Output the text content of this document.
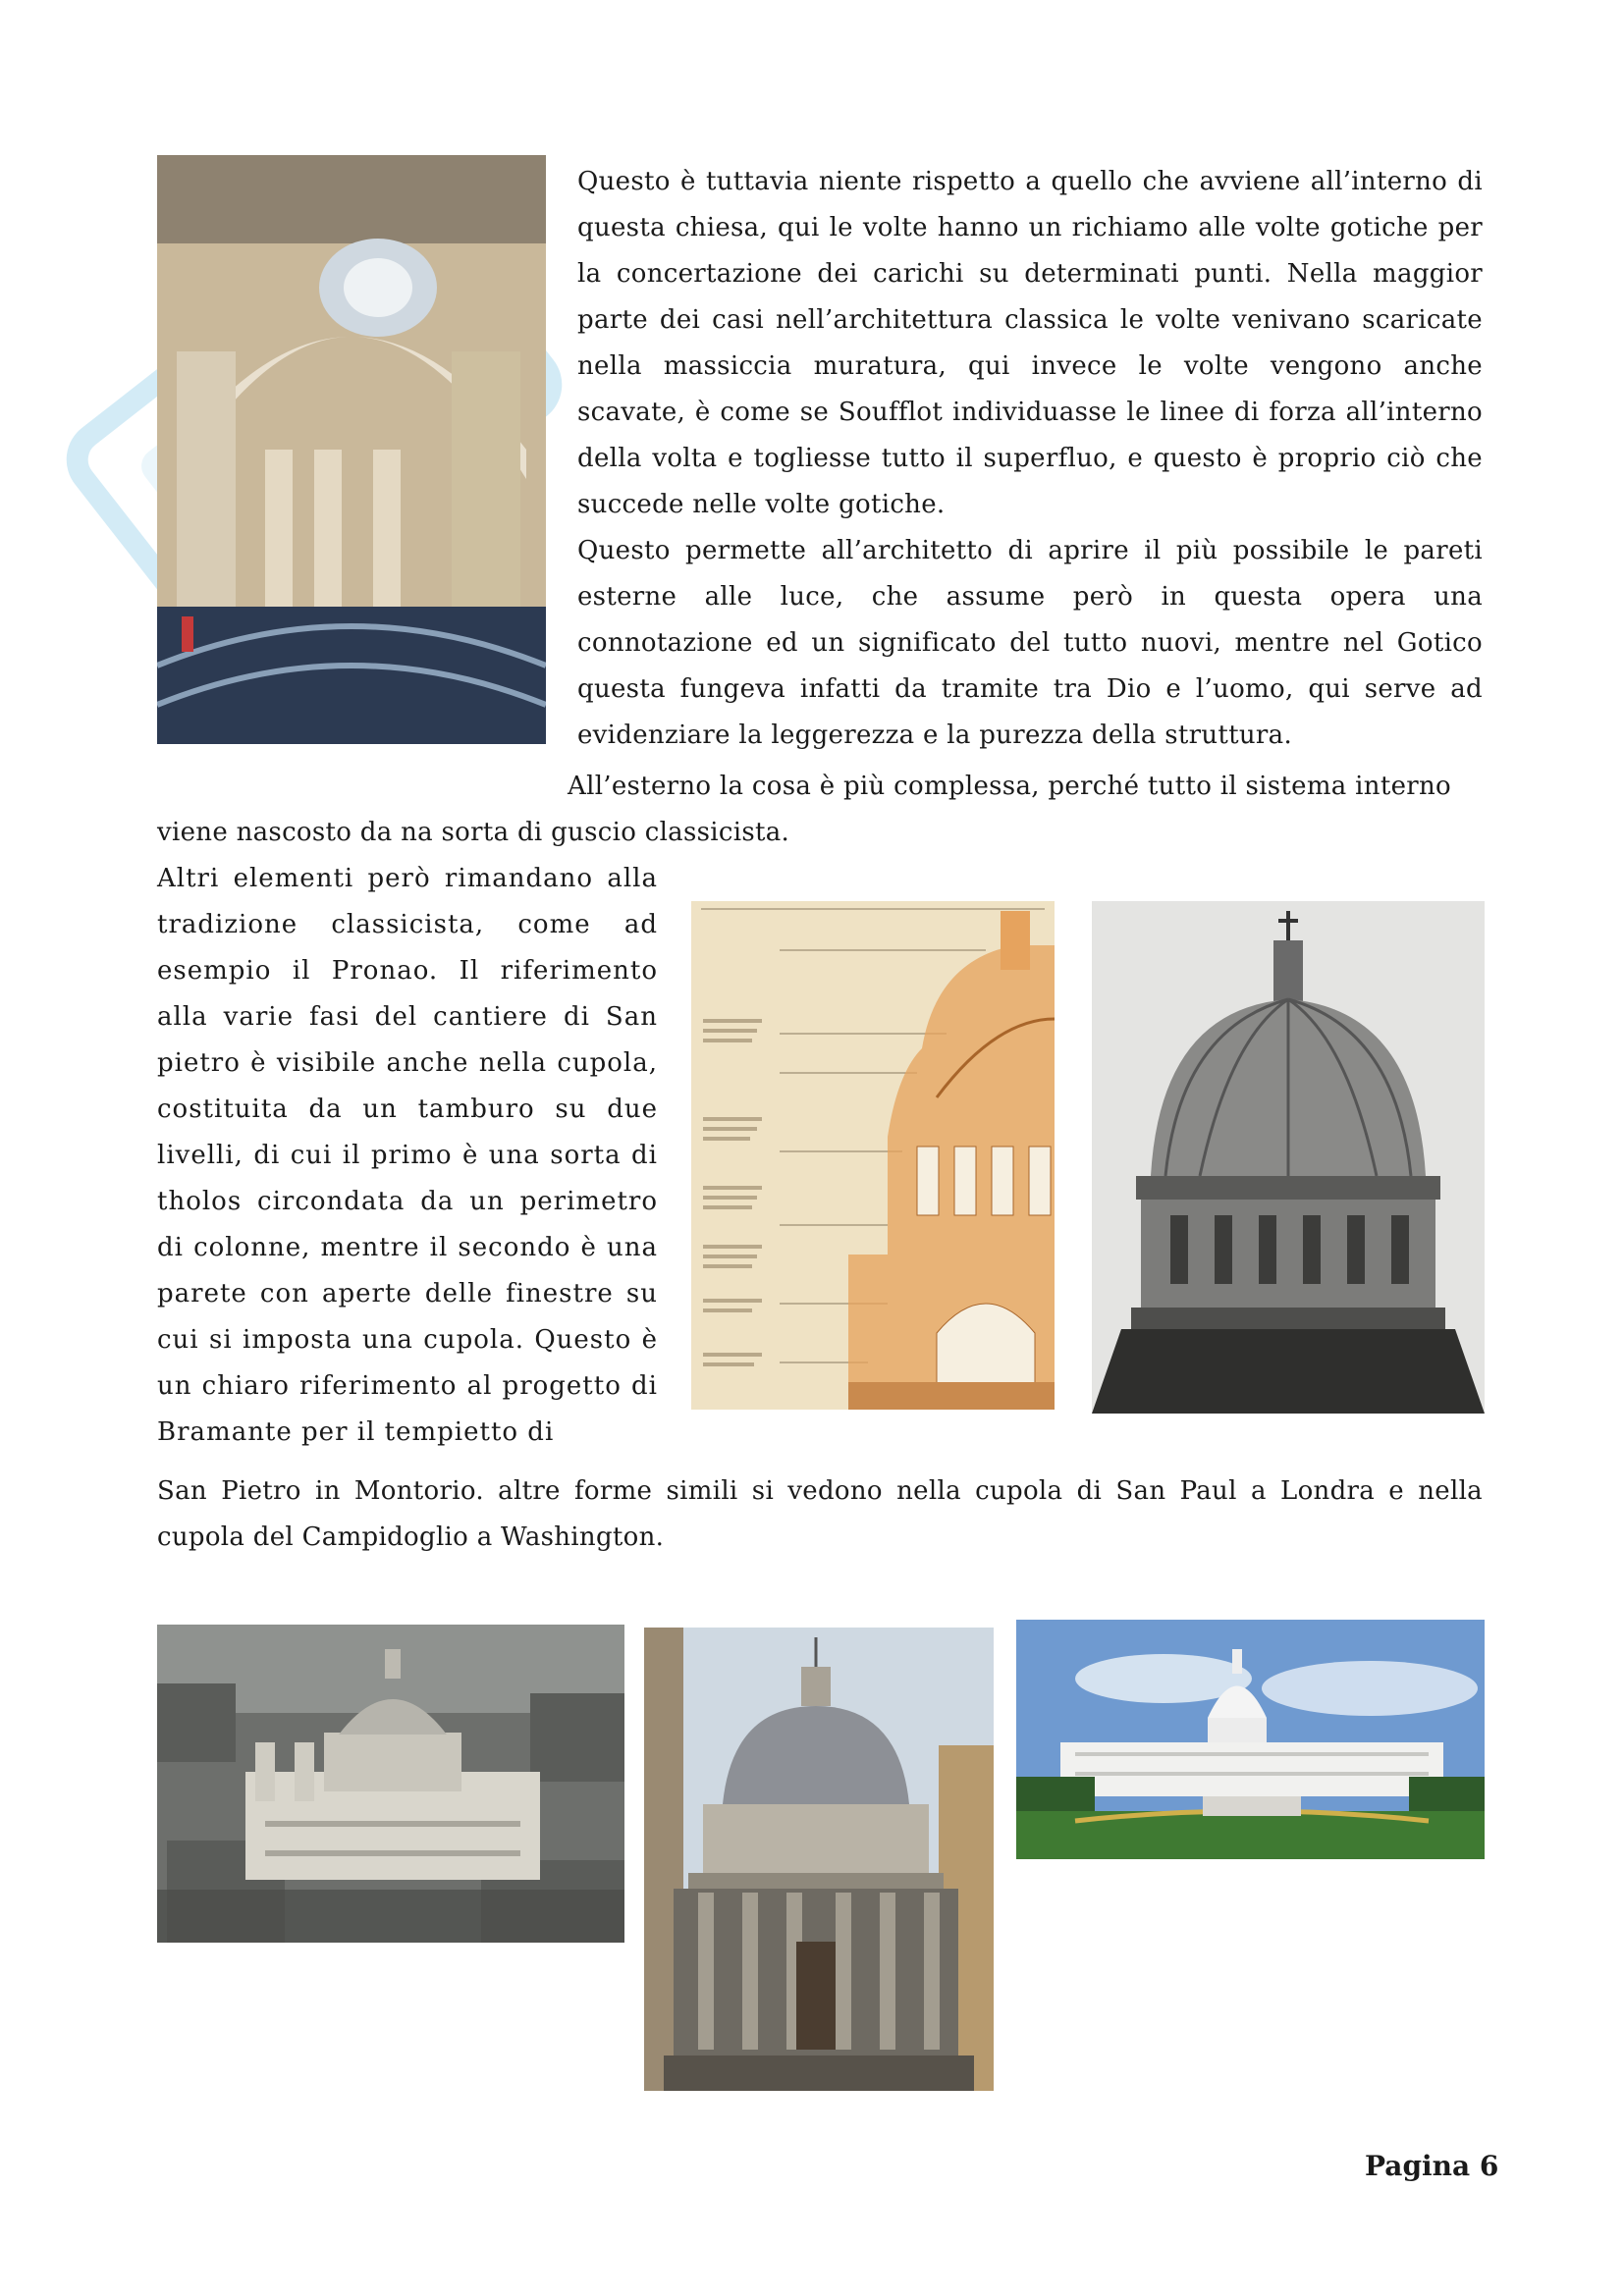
Questo è tuttavia niente rispetto a quello che avviene all’interno di questa chiesa, qui le volte hanno un richiamo alle volte gotiche per la concertazione dei carichi su determinati punti. Nella maggior parte dei casi nell’architettura classica le volte venivano scaricate nella massiccia muratura, qui invece le volte vengono anche scavate, è come se Soufflot individuasse le linee di forza all’interno della volta e togliesse tutto il superfluo, e questo è proprio ciò che succede nelle volte gotiche.

Questo permette all’architetto di aprire il più possibile le pareti esterne alle luce, che assume però in questa opera una connotazione ed un significato del tutto nuovi, mentre nel Gotico questa fungeva infatti da tramite tra Dio e l’uomo, qui serve ad evidenziare la leggerezza e la purezza della struttura.

All’esterno la cosa è più complessa, perché tutto il sistema interno

viene nascosto da na sorta di guscio classicista.

Altri elementi però rimandano alla tradizione classicista, come ad esempio il Pronao. Il riferimento alla varie fasi del cantiere di San pietro è visibile anche nella cupola, costituita da un tamburo su due livelli, di cui il primo è una sorta di tholos circondata da un perimetro di colonne, mentre il secondo è una parete con aperte delle finestre su cui si imposta una cupola. Questo è un chiaro riferimento al progetto di Bramante per il tempietto di

San Pietro in Montorio. altre forme simili si vedono nella cupola di San Paul a Londra e nella cupola del Campidoglio a Washington.

Pagina 6
